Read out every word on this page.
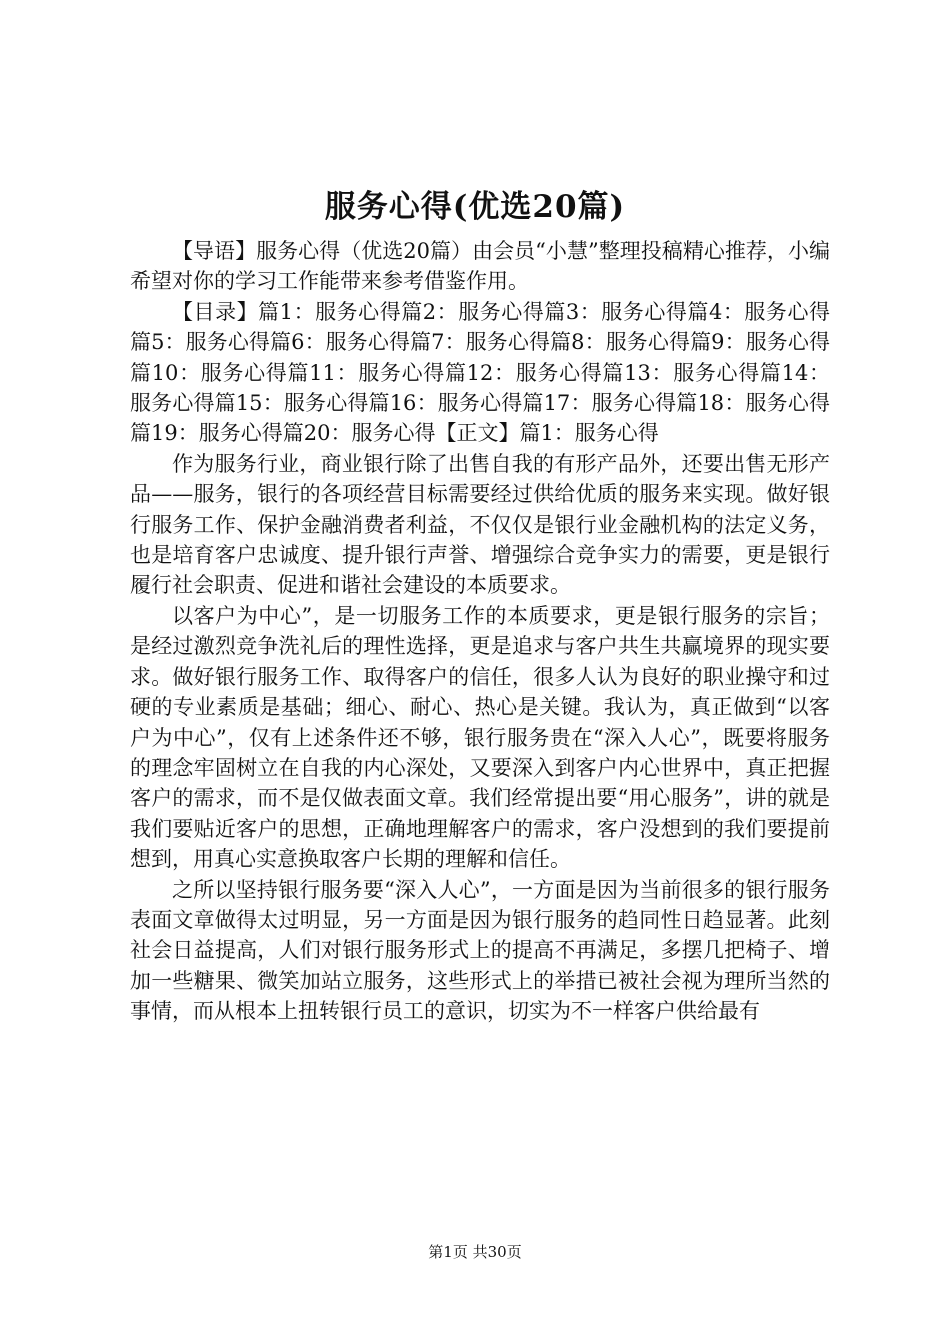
服务心得(优选20篇)

【导语】服务心得（优选20篇）由会员“小慧”整理投稿精心推荐，小编希望对你的学习工作能带来参考借鉴作用。

【目录】篇1：服务心得篇2：服务心得篇3：服务心得篇4：服务心得篇5：服务心得篇6：服务心得篇7：服务心得篇8：服务心得篇9：服务心得篇10：服务心得篇11：服务心得篇12：服务心得篇13：服务心得篇14：服务心得篇15：服务心得篇16：服务心得篇17：服务心得篇18：服务心得篇19：服务心得篇20：服务心得【正文】篇1：服务心得

作为服务行业，商业银行除了出售自我的有形产品外，还要出售无形产品——服务，银行的各项经营目标需要经过供给优质的服务来实现。做好银行服务工作、保护金融消费者利益，不仅仅是银行业金融机构的法定义务，也是培育客户忠诚度、提升银行声誉、增强综合竞争实力的需要，更是银行履行社会职责、促进和谐社会建设的本质要求。

以客户为中心”，是一切服务工作的本质要求，更是银行服务的宗旨；是经过激烈竞争洗礼后的理性选择，更是追求与客户共生共赢境界的现实要求。做好银行服务工作、取得客户的信任，很多人认为良好的职业操守和过硬的专业素质是基础；细心、耐心、热心是关键。我认为，真正做到“以客户为中心”，仅有上述条件还不够，银行服务贵在“深入人心”，既要将服务的理念牢固树立在自我的内心深处，又要深入到客户内心世界中，真正把握客户的需求，而不是仅做表面文章。我们经常提出要“用心服务”，讲的就是我们要贴近客户的思想，正确地理解客户的需求，客户没想到的我们要提前想到，用真心实意换取客户长期的理解和信任。

之所以坚持银行服务要“深入人心”，一方面是因为当前很多的银行服务表面文章做得太过明显，另一方面是因为银行服务的趋同性日趋显著。此刻社会日益提高，人们对银行服务形式上的提高不再满足，多摆几把椅子、增加一些糖果、微笑加站立服务，这些形式上的举措已被社会视为理所当然的事情，而从根本上扭转银行员工的意识，切实为不一样客户供给最有

第1页 共30页
